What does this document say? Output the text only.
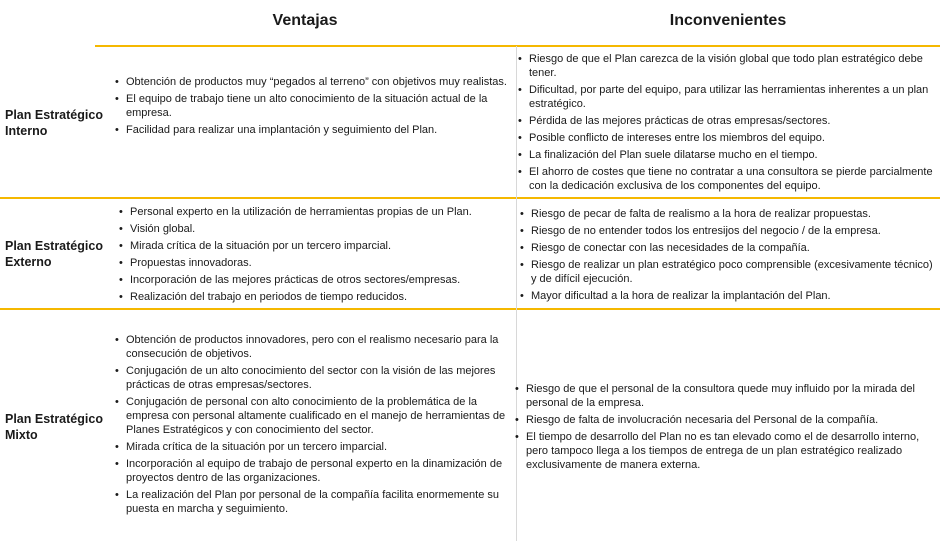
Ventajas	Inconvenientes
Plan Estratégico
Interno
• Obtención de productos muy “pegados al terreno” con objetivos muy realistas.
• El equipo de trabajo tiene un alto conocimiento de la situación actual de la empresa.
• Facilidad para realizar una implantación y seguimiento del Plan.
• Riesgo de que el Plan carezca de la visión global que todo plan estratégico debe tener.
• Dificultad, por parte del equipo, para utilizar las herramientas inherentes a un plan estratégico.
• Pérdida de las mejores prácticas de otras empresas/sectores.
• Posible conflicto de intereses entre los miembros del equipo.
• La finalización del Plan suele dilatarse mucho en el tiempo.
• El ahorro de costes que tiene no contratar a una consultora se pierde parcialmente con la dedicación exclusiva de los componentes del equipo.
Plan Estratégico
Externo
• Personal experto en la utilización de herramientas propias de un Plan.
• Visión global.
• Mirada crítica de la situación por un tercero imparcial.
• Propuestas innovadoras.
• Incorporación de las mejores prácticas de otros sectores/empresas.
• Realización del trabajo en periodos de tiempo reducidos.
• Riesgo de pecar de falta de realismo a la hora de realizar propuestas.
• Riesgo de no entender todos los entresijos del negocio / de la empresa.
• Riesgo de conectar con las necesidades de la compañía.
• Riesgo de realizar un plan estratégico poco comprensible (excesivamente técnico) y de difícil ejecución.
• Mayor dificultad a la hora de realizar la implantación del Plan.
Plan Estratégico
Mixto
• Obtención de productos innovadores, pero con el realismo necesario para la consecución de objetivos.
• Conjugación de un alto conocimiento del sector con la visión de las mejores prácticas de otras empresas/sectores.
• Conjugación de personal con alto conocimiento de la problemática de la empresa con personal altamente cualificado en el manejo de herramientas de Planes Estratégicos y con conocimiento del sector.
• Mirada crítica de la situación por un tercero imparcial.
• Incorporación al equipo de trabajo de personal experto en la dinamización de proyectos dentro de las organizaciones.
• La realización del Plan por personal de la compañía facilita enormemente su puesta en marcha y seguimiento.
• Riesgo de que el personal de la consultora quede muy influido por la mirada del personal de la empresa.
• Riesgo de falta de involucración necesaria del Personal de la compañía.
• El tiempo de desarrollo del Plan no es tan elevado como el de desarrollo interno, pero tampoco llega a los tiempos de entrega de un plan estratégico realizado exclusivamente de manera externa.
